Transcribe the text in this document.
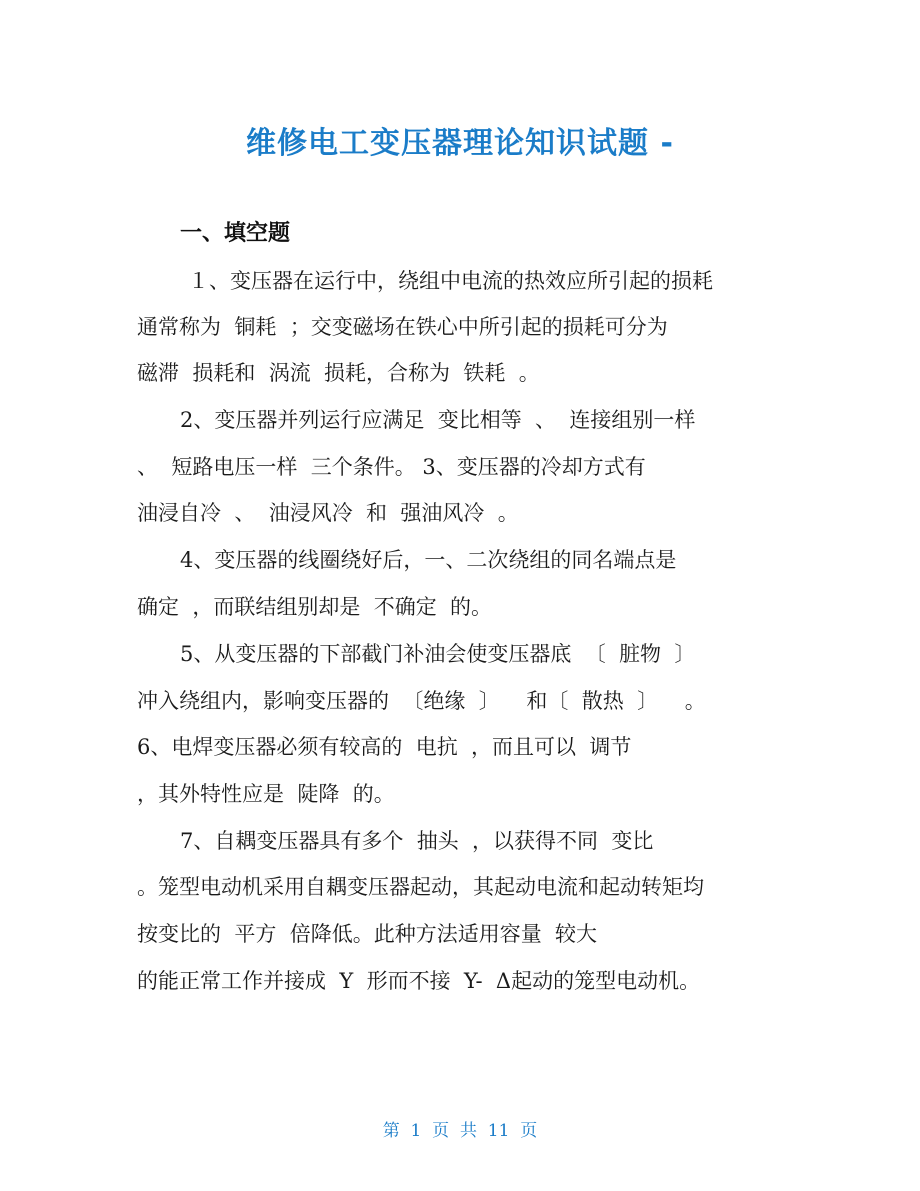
维修电工变压器理论知识试题 -
一、填空题
１、变压器在运行中，绕组中电流的热效应所引起的损耗
通常称为  铜耗  ；交变磁场在铁心中所引起的损耗可分为
磁滞  损耗和  涡流  损耗，合称为  铁耗  。
2、变压器并列运行应满足  变比相等  、  连接组别一样
、  短路电压一样  三个条件。 3、变压器的冷却方式有
油浸自冷  、  油浸风冷  和  强油风冷  。
4、变压器的线圈绕好后，一、二次绕组的同名端点是
确定  ，而联结组别却是  不确定  的。
5、从变压器的下部截门补油会使变压器底  〔  脏物  〕
冲入绕组内，影响变压器的  〔绝缘  〕    和〔  散热  〕    。
6、电焊变压器必须有较高的  电抗  ，而且可以  调节
，其外特性应是  陡降  的。
7、自耦变压器具有多个  抽头  ，以获得不同  变比
。笼型电动机采用自耦变压器起动，其起动电流和起动转矩均
按变比的  平方  倍降低。此种方法适用容量  较大
的能正常工作并接成  Y  形而不接  Y-  Δ起动的笼型电动机。
第  1  页  共  11  页
